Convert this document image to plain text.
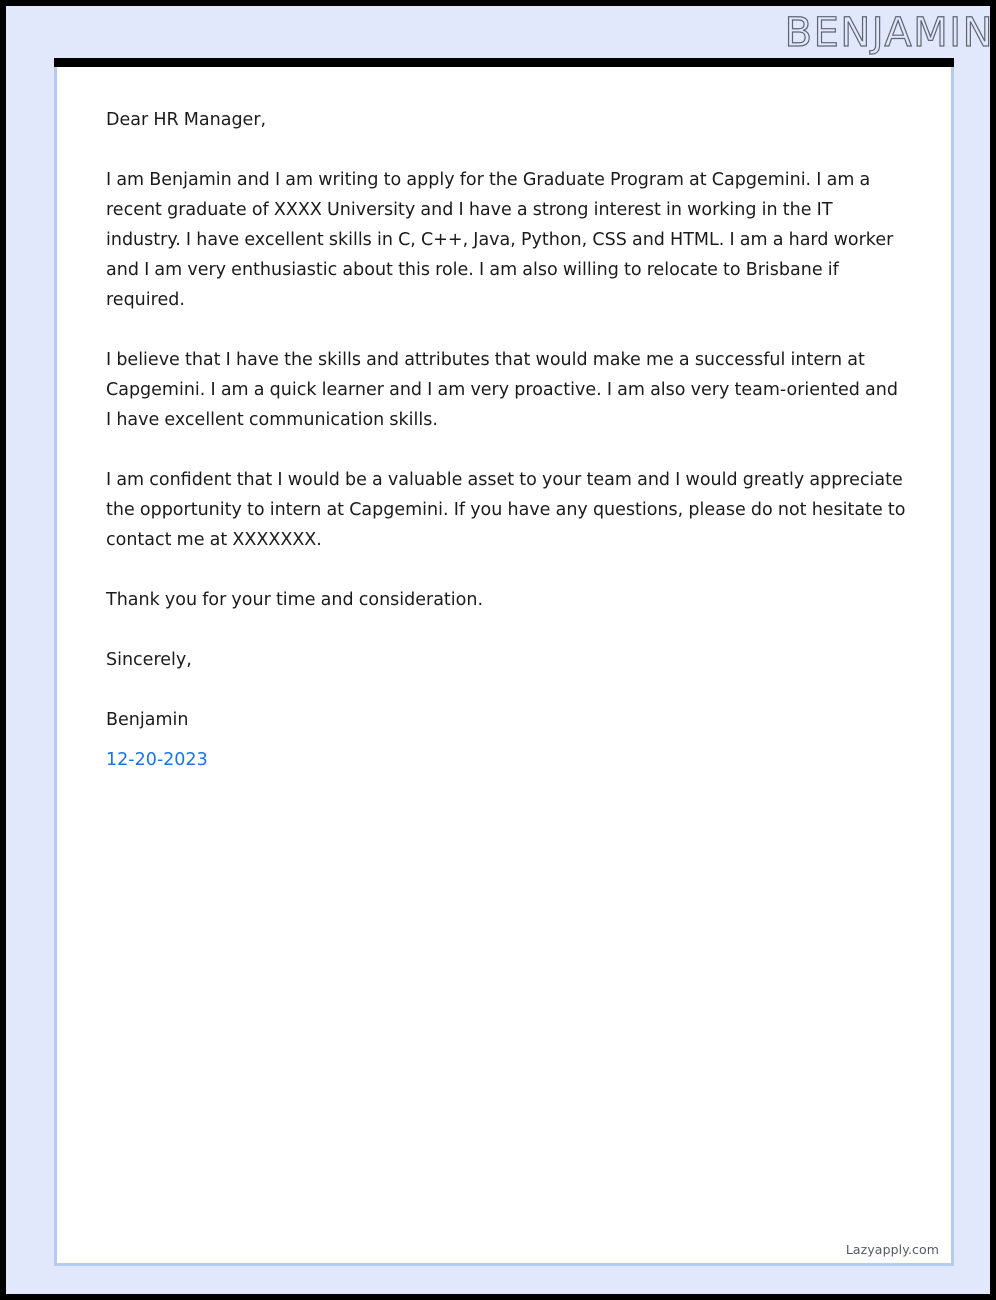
BENJAMIN

Dear HR Manager,

I am Benjamin and I am writing to apply for the Graduate Program at Capgemini. I am a recent graduate of XXXX University and I have a strong interest in working in the IT industry. I have excellent skills in C, C++, Java, Python, CSS and HTML. I am a hard worker and I am very enthusiastic about this role. I am also willing to relocate to Brisbane if required.

I believe that I have the skills and attributes that would make me a successful intern at Capgemini. I am a quick learner and I am very proactive. I am also very team-oriented and I have excellent communication skills.

I am confident that I would be a valuable asset to your team and I would greatly appreciate the opportunity to intern at Capgemini. If you have any questions, please do not hesitate to contact me at XXXXXXX.

Thank you for your time and consideration.

Sincerely,

Benjamin

12-20-2023

Lazyapply.com
